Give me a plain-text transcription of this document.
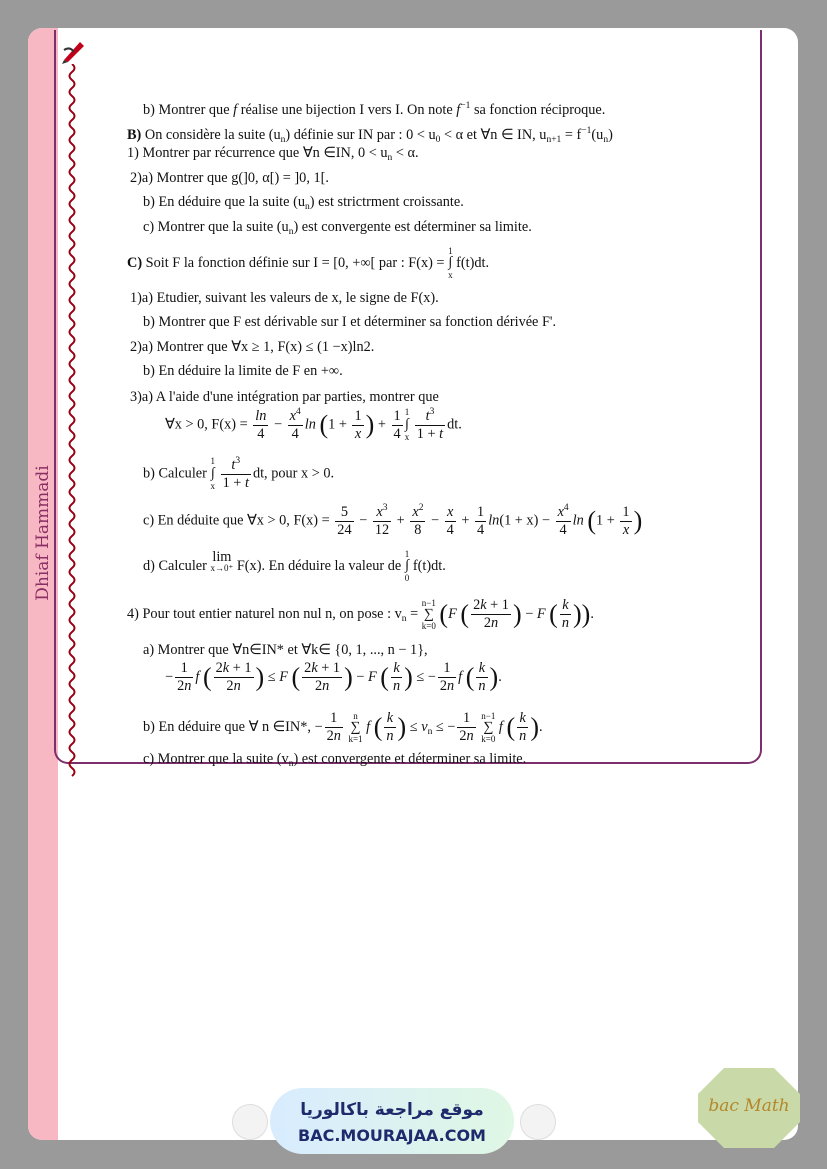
Dhiaf Hammadi
b) Montrer que f réalise une bijection I vers I. On note $f^{-1}$ sa fonction réciproque.
B) On considère la suite $(u_n)$ définie sur IN par : $0 < u_0 < \alpha$ et ∀n ∈ IN, $u_{n+1} = f^{-1}(u_n)$
1) Montrer par récurrence que ∀n ∈IN, $0 < u_n < \alpha$.
2)a) Montrer que g(]0, α[) = ]0, 1[.
b) En déduire que la suite $(u_n)$ est strictrment croissante.
c) Montrer que la suite $(u_n)$ est convergente est déterminer sa limite.
C) Soit F la fonction définie sur I = [0, +∞[ par : F(x) = 1
∫
x f(t)dt.
1)a) Etudier, suivant les valeurs de x, le signe de F(x).
b) Montrer que F est dérivable sur I et déterminer sa fonction dérivée F'.
2)a) Montrer que ∀x ≥ 1, F(x) ≤ (1 −x)ln2.
b) En déduire la limite de F en +∞.
3)a) A l'aide d'une intégration par parties, montrer que
∀x > 0, $F(x) = \frac{\ln}{4} - \frac{x^4}{4}$ $\ln (1 + \frac{1}{x}$ ) + $\frac{1}{4} 1$
∫
x $\frac{t^3}{1 + t}$ dt.
b) Calculer 1
∫
x $\frac{t^3}{1 + t}$ dt, pour x > 0.
c) En déduite que ∀x > 0, $F(x) = \frac{5}{24} - \frac{x^3}{12} + \frac{x^2}{8} - \frac{x}{4} + \frac{1}{4} \ln(1 + x) - \frac{x^4}{4}$ $\ln (1 + \frac{1}{x}$ )
d) Calculer lim
x→0⁺ F(x). En déduire la valeur de 1
∫
0 f(t)dt.
4) Pour tout entier naturel non nul n, on pose : $v_n = n-1$
∑
k=0 (F ( $\frac{2k + 1}{2n}$ ) − F ( $\frac{k}{n}$ )).
a) Montrer que ∀n∈IN* et ∀k∈ {0, 1, ..., n − 1},
− $\frac{1}{2n}$ f ( $\frac{2k + 1}{2n}$ ) ≤ F ( $\frac{2k + 1}{2n}$ ) − F ( $\frac{k}{n}$ ) ≤ − $\frac{1}{2n}$ f ( $\frac{k}{n}$ ).
b) En déduire que ∀ n ∈IN*, − $\frac{1}{2n}$ n
∑
k=1 f ( $\frac{k}{n}$ ) ≤ $v_n$ ≤ − $\frac{1}{2n} n-1$
∑
k=0 f ( $\frac{k}{n}$ ).
c) Montrer que la suite $(v_n)$ est convergente et déterminer sa limite.
موقع مراجعة باكالوريا
BAC.MOURAJAA.COM
bac Math
